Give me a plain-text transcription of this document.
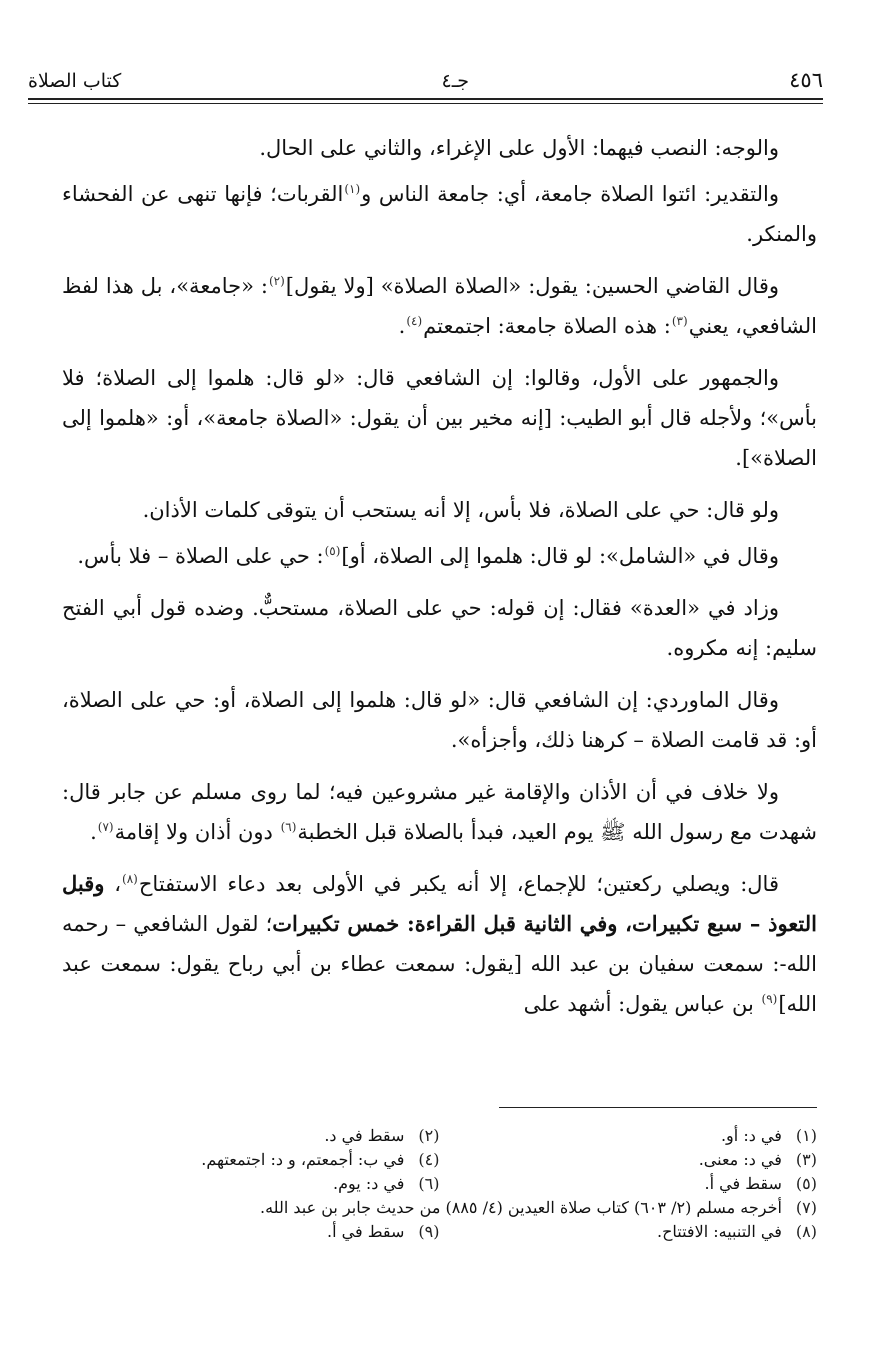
٤٥٦
جـ٤
كتاب الصلاة

والوجه: النصب فيهما: الأول على الإغراء، والثاني على الحال.

والتقدير: ائتوا الصلاة جامعة، أي: جامعة الناس و$^{(١)}$القربات؛ فإنها تنهى عن الفحشاء والمنكر.

وقال القاضي الحسين: يقول: «الصلاة الصلاة» [ولا يقول]$^{(٢)}$: «جامعة»، بل هذا لفظ الشافعي، يعني$^{(٣)}$: هذه الصلاة جامعة: اجتمعتم$^{(٤)}$.

والجمهور على الأول، وقالوا: إن الشافعي قال: «لو قال: هلموا إلى الصلاة؛ فلا بأس»؛ ولأجله قال أبو الطيب: [إنه مخير بين أن يقول: «الصلاة جامعة»، أو: «هلموا إلى الصلاة»].

ولو قال: حي على الصلاة، فلا بأس، إلا أنه يستحب أن يتوقى كلمات الأذان.

وقال في «الشامل»: لو قال: هلموا إلى الصلاة، أو]$^{(٥)}$: حي على الصلاة – فلا بأس.

وزاد في «العدة» فقال: إن قوله: حي على الصلاة، مستحبٌّ. وضده قول أبي الفتح سليم: إنه مكروه.

وقال الماوردي: إن الشافعي قال: «لو قال: هلموا إلى الصلاة، أو: حي على الصلاة، أو: قد قامت الصلاة – كرهنا ذلك، وأجزأه».

ولا خلاف في أن الأذان والإقامة غير مشروعين فيه؛ لما روى مسلم عن جابر قال: شهدت مع رسول الله ﷺ يوم العيد، فبدأ بالصلاة قبل الخطبة$^{(٦)}$ دون أذان ولا إقامة$^{(٧)}$.

قال: ويصلي ركعتين؛ للإجماع، إلا أنه يكبر في الأولى بعد دعاء الاستفتاح$^{(٨)}$، وقبل التعوذ – سبع تكبيرات، وفي الثانية قبل القراءة: خمس تكبيرات؛ لقول الشافعي – رحمه الله-: سمعت سفيان بن عبد الله [يقول: سمعت عطاء بن أبي رباح يقول: سمعت عبد الله]$^{(٩)}$ بن عباس يقول: أشهد على

(١) في د: أو.
(٢) سقط في د.
(٣) في د: معنى.
(٤) في ب: أجمعتم، و د: اجتمعتهم.
(٥) سقط في أ.
(٦) في د: يوم.
(٧) أخرجه مسلم (٢/ ٦٠٣) كتاب صلاة العيدين (٤/ ٨٨٥) من حديث جابر بن عبد الله.
(٨) في التنبيه: الافتتاح.
(٩) سقط في أ.
